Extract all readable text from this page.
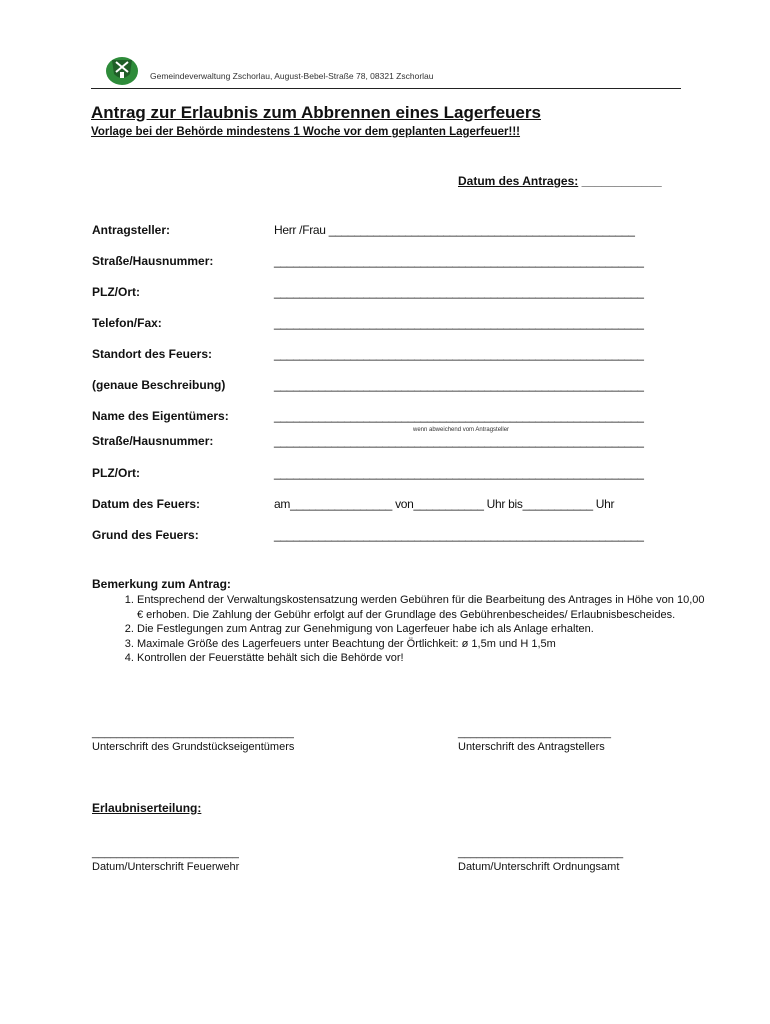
Gemeindeverwaltung Zschorlau, August-Bebel-Straße 78, 08321 Zschorlau
Antrag zur Erlaubnis zum Abbrennen eines Lagerfeuers
Vorlage bei der Behörde mindestens 1 Woche vor dem geplanten Lagerfeuer!!!
Datum des Antrages: ____________
Antragsteller:	Herr /Frau ________________________________________________
Straße/Hausnummer:	__________________________________________________________
PLZ/Ort:	__________________________________________________________
Telefon/Fax:	__________________________________________________________
Standort des Feuers:	__________________________________________________________
(genaue Beschreibung)	__________________________________________________________
Name des Eigentümers:	__________________________________________________________
wenn abweichend vom Antragsteller
Straße/Hausnummer:	__________________________________________________________
PLZ/Ort:	__________________________________________________________
Datum des Feuers:	am________________ von___________ Uhr bis___________ Uhr
Grund des Feuers:	__________________________________________________________
Bemerkung zum Antrag:
1. Entsprechend der Verwaltungskostensatzung werden Gebühren für die Bearbeitung des Antrages in Höhe von 10,00 € erhoben. Die Zahlung der Gebühr erfolgt auf der Grundlage des Gebührenbescheides/ Erlaubnisbescheides.
2. Die Festlegungen zum Antrag zur Genehmigung von Lagerfeuer habe ich als Anlage erhalten.
3. Maximale Größe des Lagerfeuers unter Beachtung der Örtlichkeit: ø 1,5m und H 1,5m
4. Kontrollen der Feuerstätte behält sich die Behörde vor!
_________________________________
Unterschrift des Grundstückseigentümers
_________________________
Unterschrift des Antragstellers
Erlaubniserteilung:
________________________
Datum/Unterschrift Feuerwehr
___________________________
Datum/Unterschrift Ordnungsamt
